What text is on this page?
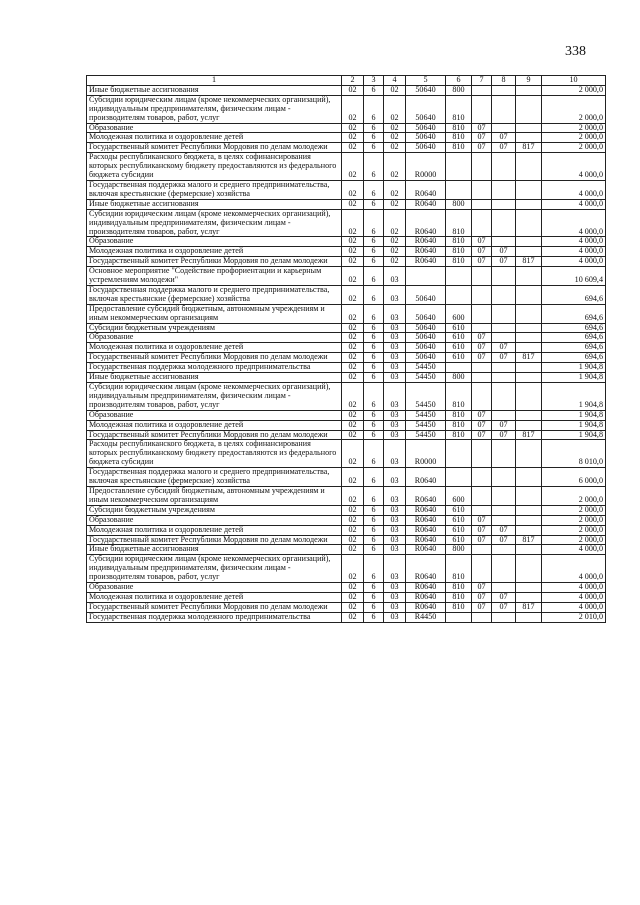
338
1	2	3	4	5	6	7	8	9	10
Иные бюджетные ассигнования	02	6	02	50640	800				2 000,0
Субсидии юридическим лицам (кроме некоммерческих организаций), индивидуальным предпринимателям, физическим лицам - производителям товаров, работ, услуг	02	6	02	50640	810				2 000,0
Образование	02	6	02	50640	810	07			2 000,0
Молодежная политика и оздоровление детей	02	6	02	50640	810	07	07		2 000,0
Государственный комитет Республики Мордовия по делам молодежи	02	6	02	50640	810	07	07	817	2 000,0
Расходы республиканского бюджета, в целях софинансирования которых республиканскому бюджету предоставляются из федерального бюджета субсидии	02	6	02	R0000					4 000,0
Государственная поддержка малого и среднего предпринимательства, включая крестьянские (фермерские) хозяйства	02	6	02	R0640					4 000,0
Иные бюджетные ассигнования	02	6	02	R0640	800				4 000,0
Субсидии юридическим лицам (кроме некоммерческих организаций), индивидуальным предпринимателям, физическим лицам - производителям товаров, работ, услуг	02	6	02	R0640	810				4 000,0
Образование	02	6	02	R0640	810	07			4 000,0
Молодежная политика и оздоровление детей	02	6	02	R0640	810	07	07		4 000,0
Государственный комитет Республики Мордовия по делам молодежи	02	6	02	R0640	810	07	07	817	4 000,0
Основное мероприятие "Содействие профориентации и карьерным устремлениям молодежи"	02	6	03						10 609,4
Государственная поддержка малого и среднего предпринимательства, включая крестьянские (фермерские) хозяйства	02	6	03	50640					694,6
Предоставление субсидий бюджетным, автономным учреждениям и иным некоммерческим организациям	02	6	03	50640	600				694,6
Субсидии бюджетным учреждениям	02	6	03	50640	610				694,6
Образование	02	6	03	50640	610	07			694,6
Молодежная политика и оздоровление детей	02	6	03	50640	610	07	07		694,6
Государственный комитет Республики Мордовия по делам молодежи	02	6	03	50640	610	07	07	817	694,6
Государственная поддержка молодежного предпринимательства	02	6	03	54450					1 904,8
Иные бюджетные ассигнования	02	6	03	54450	800				1 904,8
Субсидии юридическим лицам (кроме некоммерческих организаций), индивидуальным предпринимателям, физическим лицам - производителям товаров, работ, услуг	02	6	03	54450	810				1 904,8
Образование	02	6	03	54450	810	07			1 904,8
Молодежная политика и оздоровление детей	02	6	03	54450	810	07	07		1 904,8
Государственный комитет Республики Мордовия по делам молодежи	02	6	03	54450	810	07	07	817	1 904,8
Расходы республиканского бюджета, в целях софинансирования которых республиканскому бюджету предоставляются из федерального бюджета субсидии	02	6	03	R0000					8 010,0
Государственная поддержка малого и среднего предпринимательства, включая крестьянские (фермерские) хозяйства	02	6	03	R0640					6 000,0
Предоставление субсидий бюджетным, автономным учреждениям и иным некоммерческим организациям	02	6	03	R0640	600				2 000,0
Субсидии бюджетным учреждениям	02	6	03	R0640	610				2 000,0
Образование	02	6	03	R0640	610	07			2 000,0
Молодежная политика и оздоровление детей	02	6	03	R0640	610	07	07		2 000,0
Государственный комитет Республики Мордовия по делам молодежи	02	6	03	R0640	610	07	07	817	2 000,0
Иные бюджетные ассигнования	02	6	03	R0640	800				4 000,0
Субсидии юридическим лицам (кроме некоммерческих организаций), индивидуальным предпринимателям, физическим лицам - производителям товаров, работ, услуг	02	6	03	R0640	810				4 000,0
Образование	02	6	03	R0640	810	07			4 000,0
Молодежная политика и оздоровление детей	02	6	03	R0640	810	07	07		4 000,0
Государственный комитет Республики Мордовия по делам молодежи	02	6	03	R0640	810	07	07	817	4 000,0
Государственная поддержка молодежного предпринимательства	02	6	03	R4450					2 010,0
